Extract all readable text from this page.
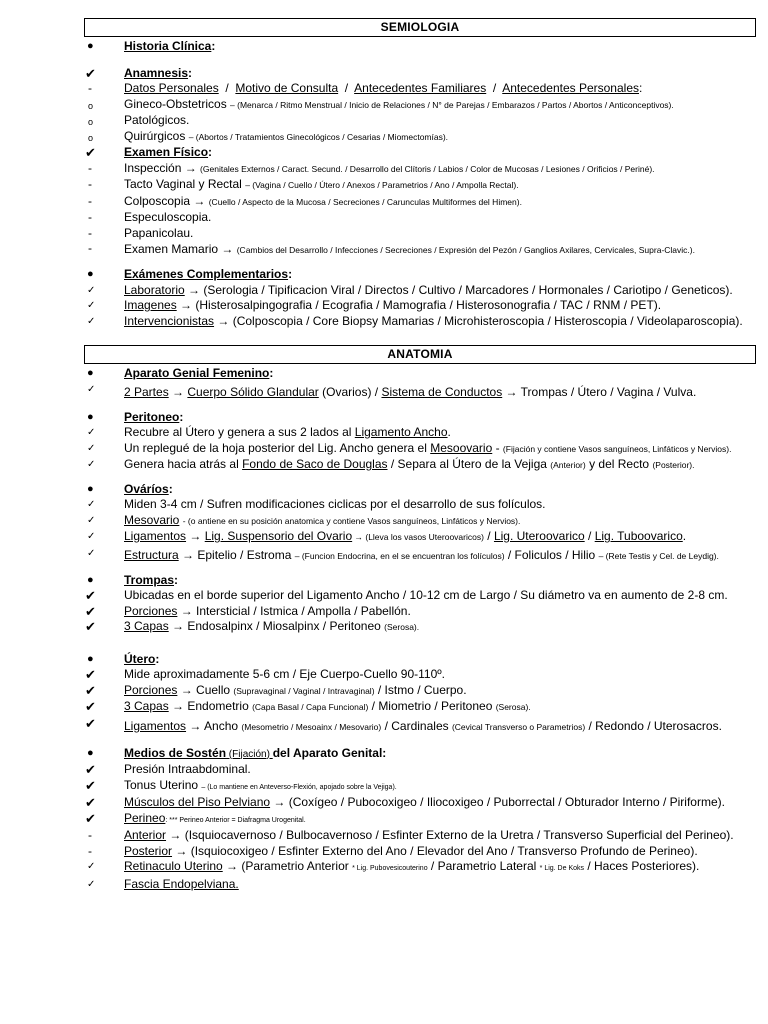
SEMIOLOGIA
●	Historia Clínica:
✔	Anamnesis:
-	Datos Personales  /  Motivo de Consulta  /  Antecedentes Familiares  /  Antecedentes Personales:
o	Gineco-Obstetricos – (Menarca / Ritmo Menstrual / Inicio de Relaciones / N° de Parejas / Embarazos / Partos / Abortos / Anticonceptivos).
o	Patológicos.
o	Quirúrgicos – (Abortos / Tratamientos Ginecológicos / Cesarias / Miomectomías).
✔	Examen Físico:
-	Inspección → (Genitales Externos / Caract. Secund. / Desarrollo del Clítoris / Labios / Color de Mucosas / Lesiones / Orificios / Periné).
-	Tacto Vaginal y Rectal – (Vagina / Cuello / Útero / Anexos / Parametrios / Ano / Ampolla Rectal).
-	Colposcopia → (Cuello / Aspecto de la Mucosa / Secreciones / Carunculas Multiformes del Himen).
-	Especuloscopia.
-	Papanicolau.
-	Examen Mamario → (Cambios del Desarrollo / Infecciones / Secreciones / Expresión del Pezón / Ganglios Axilares, Cervicales, Supra-Clavic.).
●	Exámenes Complementarios:
✓	Laboratorio → (Serologia / Tipificacion Viral / Directos / Cultivo / Marcadores / Hormonales / Cariotipo / Geneticos).
✓	Imagenes → (Histerosalpingografia / Ecografia / Mamografia / Histerosonografia / TAC / RNM / PET).
✓	Intervencionistas → (Colposcopia / Core Biopsy Mamarias / Microhisteroscopia / Histeroscopia / Videolaparoscopia).
ANATOMIA
●	Aparato Genial Femenino:
✓	2 Partes → Cuerpo Sólido Glandular (Ovarios) / Sistema de Conductos → Trompas / Útero / Vagina / Vulva.
●	Peritoneo:
✓	Recubre al Útero y genera a sus 2 lados al Ligamento Ancho.
✓	Un replegué de la hoja posterior del Lig. Ancho genera el Mesoovario - (Fijación y contiene Vasos sanguíneos, Linfáticos y Nervios).
✓	Genera hacia atrás al Fondo de Saco de Douglas / Separa al Útero de la Vejiga (Anterior) y del Recto (Posterior).
●	Ováríos:
✓	Miden 3-4 cm / Sufren modificaciones ciclicas por el desarrollo de sus folículos.
✓	Mesovario - (o antiene en su posición anatomica y contiene Vasos sanguíneos, Linfáticos y Nervios).
✓	Ligamentos → Lig. Suspensorio del Ovario → (Lleva los vasos Uteroovaricos) / Lig. Uteroovarico / Lig. Tuboovarico.
✓	Estructura → Epitelio / Estroma – (Funcion Endocrina, en el se encuentran los folículos) / Foliculos / Hilio – (Rete Testis y Cel. de Leydig).
●	Trompas:
✔	Ubicadas en el borde superior del Ligamento Ancho / 10-12 cm de Largo / Su diámetro va en aumento de 2-8 cm.
✔	Porciones → Intersticial / Istmica / Ampolla / Pabellón.
✔	3 Capas → Endosalpinx / Miosalpinx / Peritoneo (Serosa).
●	Útero:
✔	Mide aproximadamente 5-6 cm / Eje Cuerpo-Cuello 90-110º.
✔	Porciones → Cuello (Supravaginal / Vaginal / Intravaginal) / Istmo / Cuerpo.
✔	3 Capas → Endometrio (Capa Basal / Capa Funcional) / Miometrio / Peritoneo (Serosa).
✔	Ligamentos → Ancho (Mesometrio / Mesoainx / Mesovario) / Cardinales (Cevical Transverso o Parametrios) / Redondo / Uterosacros.
●	Medios de Sostén (Fijación) del Aparato Genital:
✔	Presión Intraabdominal.
✔	Tonus Uterino – (Lo mantiene en Anteverso-Flexión, apojado sobre la Vejiga).
✔	Músculos del Piso Pelviano → (Coxígeo / Pubocoxigeo / Iliocoxigeo / Puborrectal / Obturador Interno / Piriforme).
✔	Perineo: *** Perineo Anterior = Diafragma Urogenital.
-	Anterior → (Isquiocavernoso / Bulbocavernoso / Esfinter Externo de la Uretra / Transverso Superficial del Perineo).
-	Posterior → (Isquiocoxigeo / Esfinter Externo del Ano / Elevador del Ano / Transverso Profundo de Perineo).
✓	Retinaculo Uterino → (Parametrio Anterior * Lig. Pubovesicouterino / Parametrio Lateral * Lig. De Koks / Haces Posteriores).
✓	Fascia Endopelviana.
